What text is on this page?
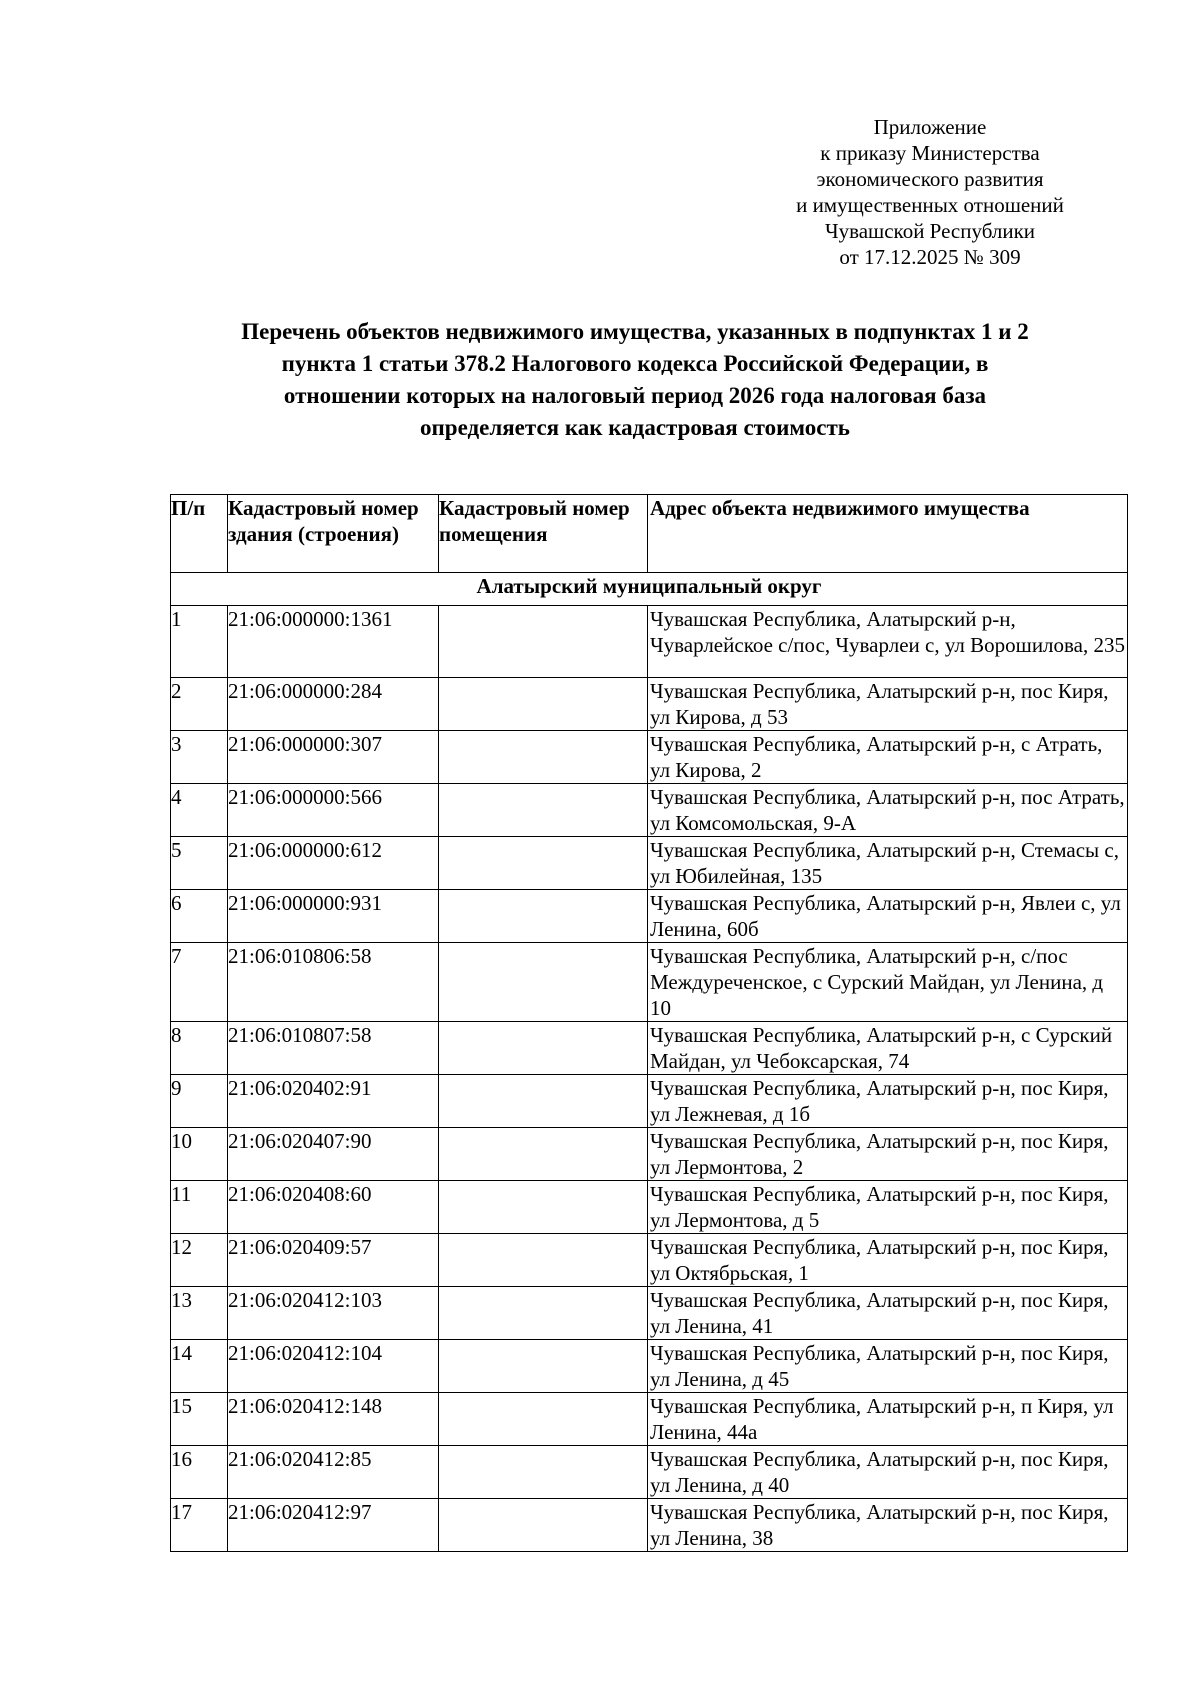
Приложение
к приказу Министерства
экономического развития
и имущественных отношений
Чувашской Республики
от 17.12.2025 № 309
Перечень объектов недвижимого имущества, указанных в подпунктах 1 и 2
пункта 1 статьи 378.2 Налогового кодекса Российской Федерации, в
отношении которых на налоговый период 2026 года налоговая база
определяется как кадастровая стоимость
П/п	Кадастровый номер здания (строения)	Кадастровый номер помещения	Адрес объекта недвижимого имущества
Алатырский муниципальный округ			
1	21:06:000000:1361		Чувашская Республика, Алатырский р-н, Чуварлейское с/пос, Чуварлеи с, ул Ворошилова, 235
2	21:06:000000:284		Чувашская Республика, Алатырский р-н, пос Киря, ул Кирова, д 53
3	21:06:000000:307		Чувашская Республика, Алатырский р-н, с Атрать, ул Кирова, 2
4	21:06:000000:566		Чувашская Республика, Алатырский р-н, пос Атрать, ул Комсомольская, 9-А
5	21:06:000000:612		Чувашская Республика, Алатырский р-н, Стемасы с, ул Юбилейная, 135
6	21:06:000000:931		Чувашская Республика, Алатырский р-н, Явлеи с, ул Ленина, 60б
7	21:06:010806:58		Чувашская Республика, Алатырский р-н, с/пос Междуреченское, с Сурский Майдан, ул Ленина, д 10
8	21:06:010807:58		Чувашская Республика, Алатырский р-н, с Сурский Майдан, ул Чебоксарская, 74
9	21:06:020402:91		Чувашская Республика, Алатырский р-н, пос Киря, ул Лежневая, д 1б
10	21:06:020407:90		Чувашская Республика, Алатырский р-н, пос Киря, ул Лермонтова, 2
11	21:06:020408:60		Чувашская Республика, Алатырский р-н, пос Киря, ул Лермонтова, д 5
12	21:06:020409:57		Чувашская Республика, Алатырский р-н, пос Киря, ул Октябрьская, 1
13	21:06:020412:103		Чувашская Республика, Алатырский р-н, пос Киря, ул Ленина, 41
14	21:06:020412:104		Чувашская Республика, Алатырский р-н, пос Киря, ул Ленина, д 45
15	21:06:020412:148		Чувашская Республика, Алатырский р-н, п Киря, ул Ленина, 44а
16	21:06:020412:85		Чувашская Республика, Алатырский р-н, пос Киря, ул Ленина, д 40
17	21:06:020412:97		Чувашская Республика, Алатырский р-н, пос Киря, ул Ленина, 38
